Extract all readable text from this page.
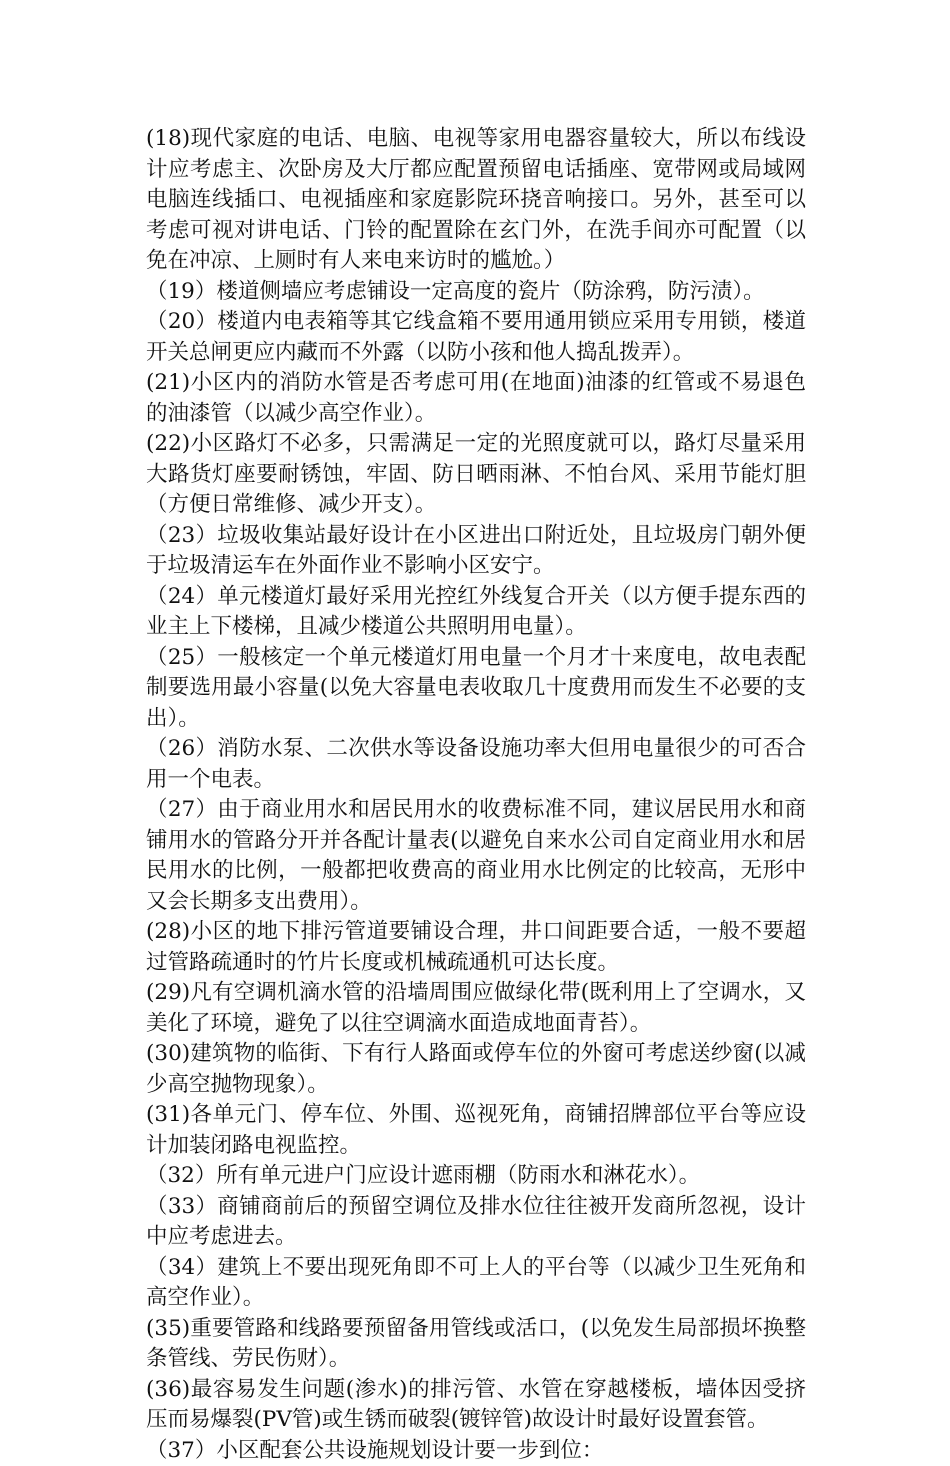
(18)现代家庭的电话、电脑、电视等家用电器容量较大，所以布线设计应考虑主、次卧房及大厅都应配置预留电话插座、宽带网或局域网电脑连线插口、电视插座和家庭影院环挠音响接口。另外，甚至可以考虑可视对讲电话、门铃的配置除在玄门外，在洗手间亦可配置（以免在冲凉、上厕时有人来电来访时的尴尬。）

（19）楼道侧墙应考虑铺设一定高度的瓷片（防涂鸦，防污渍）。

（20）楼道内电表箱等其它线盒箱不要用通用锁应采用专用锁，楼道开关总闸更应内藏而不外露（以防小孩和他人捣乱拨弄）。

(21)小区内的消防水管是否考虑可用(在地面)油漆的红管或不易退色的油漆管（以减少高空作业）。

(22)小区路灯不必多，只需满足一定的光照度就可以，路灯尽量采用大路货灯座要耐锈蚀，牢固、防日晒雨淋、不怕台风、采用节能灯胆（方便日常维修、减少开支）。

（23）垃圾收集站最好设计在小区进出口附近处，且垃圾房门朝外便于垃圾清运车在外面作业不影响小区安宁。

（24）单元楼道灯最好采用光控红外线复合开关（以方便手提东西的业主上下楼梯，且减少楼道公共照明用电量）。

（25）一般核定一个单元楼道灯用电量一个月才十来度电，故电表配制要选用最小容量(以免大容量电表收取几十度费用而发生不必要的支出）。

（26）消防水泵、二次供水等设备设施功率大但用电量很少的可否合用一个电表。

（27）由于商业用水和居民用水的收费标准不同，建议居民用水和商铺用水的管路分开并各配计量表(以避免自来水公司自定商业用水和居民用水的比例，一般都把收费高的商业用水比例定的比较高，无形中又会长期多支出费用）。

(28)小区的地下排污管道要铺设合理，井口间距要合适，一般不要超过管路疏通时的竹片长度或机械疏通机可达长度。

(29)凡有空调机滴水管的沿墙周围应做绿化带(既利用上了空调水，又美化了环境，避免了以往空调滴水面造成地面青苔）。

(30)建筑物的临街、下有行人路面或停车位的外窗可考虑送纱窗(以减少高空抛物现象）。

(31)各单元门、停车位、外围、巡视死角，商铺招牌部位平台等应设计加装闭路电视监控。

（32）所有单元进户门应设计遮雨棚（防雨水和淋花水）。

（33）商铺商前后的预留空调位及排水位往往被开发商所忽视，设计中应考虑进去。

（34）建筑上不要出现死角即不可上人的平台等（以减少卫生死角和高空作业）。

(35)重要管路和线路要预留备用管线或活口，(以免发生局部损坏换整条管线、劳民伤财）。

(36)最容易发生问题(渗水)的排污管、水管在穿越楼板，墙体因受挤压而易爆裂(PV管)或生锈而破裂(镀锌管)故设计时最好设置套管。

（37）小区配套公共设施规划设计要一步到位：
